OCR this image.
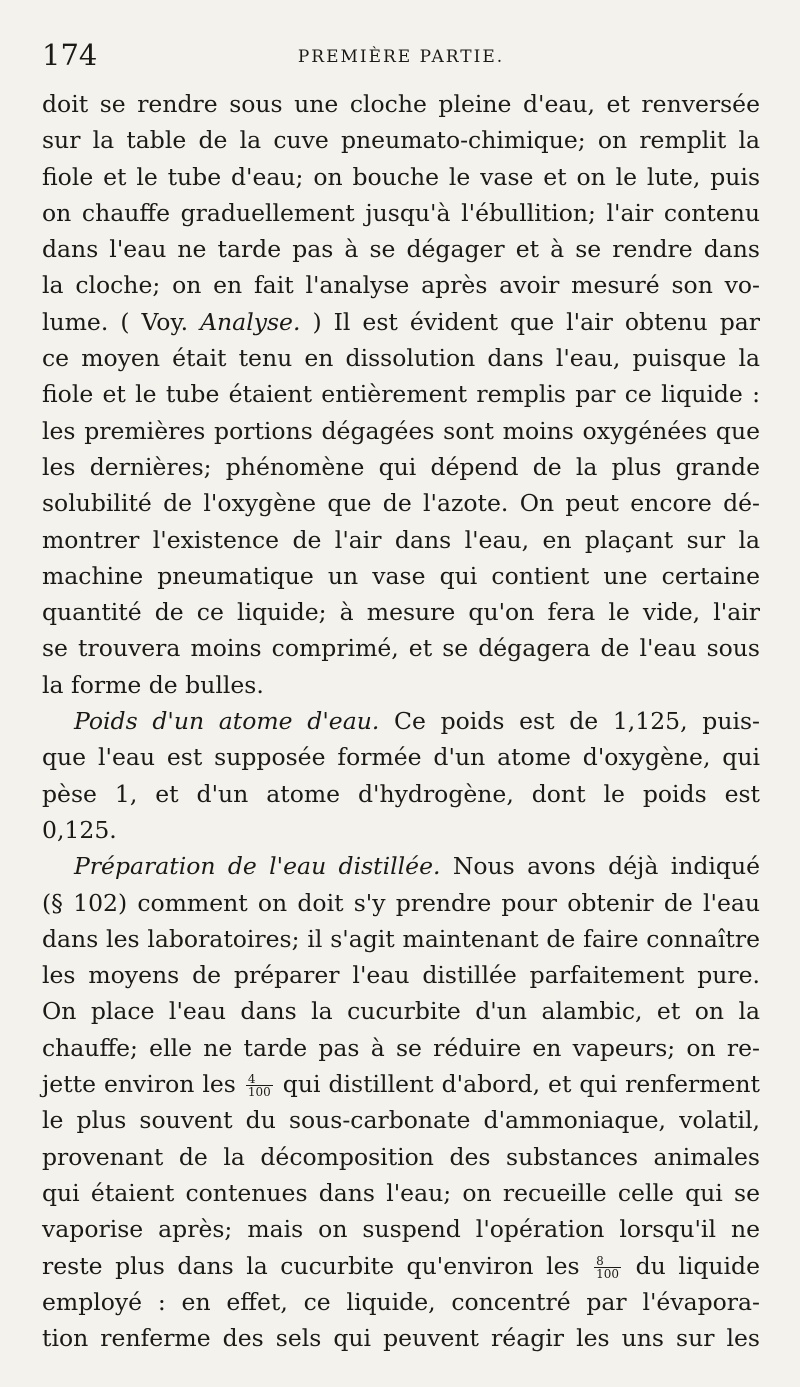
174	PREMIÈRE PARTIE.
doit se rendre sous une cloche pleine d'eau, et renversée
sur la table de la cuve pneumato-chimique; on remplit la
fiole et le tube d'eau; on bouche le vase et on le lute, puis
on chauffe graduellement jusqu'à l'ébullition; l'air contenu
dans l'eau ne tarde pas à se dégager et à se rendre dans
la cloche; on en fait l'analyse après avoir mesuré son vo-
lume. ( Voy. Analyse. ) Il est évident que l'air obtenu par
ce moyen était tenu en dissolution dans l'eau, puisque la
fiole et le tube étaient entièrement remplis par ce liquide :
les premières portions dégagées sont moins oxygénées que
les dernières; phénomène qui dépend de la plus grande
solubilité de l'oxygène que de l'azote. On peut encore dé-
montrer l'existence de l'air dans l'eau, en plaçant sur la
machine pneumatique un vase qui contient une certaine
quantité de ce liquide; à mesure qu'on fera le vide, l'air
se trouvera moins comprimé, et se dégagera de l'eau sous
la forme de bulles.
Poids d'un atome d'eau. Ce poids est de 1,125, puis-
que l'eau est supposée formée d'un atome d'oxygène, qui
pèse 1, et d'un atome d'hydrogène, dont le poids est
0,125.
Préparation de l'eau distillée. Nous avons déjà indiqué
(§ 102) comment on doit s'y prendre pour obtenir de l'eau
dans les laboratoires; il s'agit maintenant de faire connaître
les moyens de préparer l'eau distillée parfaitement pure.
On place l'eau dans la cucurbite d'un alambic, et on la
chauffe; elle ne tarde pas à se réduire en vapeurs; on re-
jette environ les $\frac{4}{100}$ qui distillent d'abord, et qui renferment
le plus souvent du sous-carbonate d'ammoniaque, volatil,
provenant de la décomposition des substances animales
qui étaient contenues dans l'eau; on recueille celle qui se
vaporise après; mais on suspend l'opération lorsqu'il ne
reste plus dans la cucurbite qu'environ les $\frac{8}{100}$ du liquide
employé : en effet, ce liquide, concentré par l'évapora-
tion renferme des sels qui peuvent réagir les uns sur les
